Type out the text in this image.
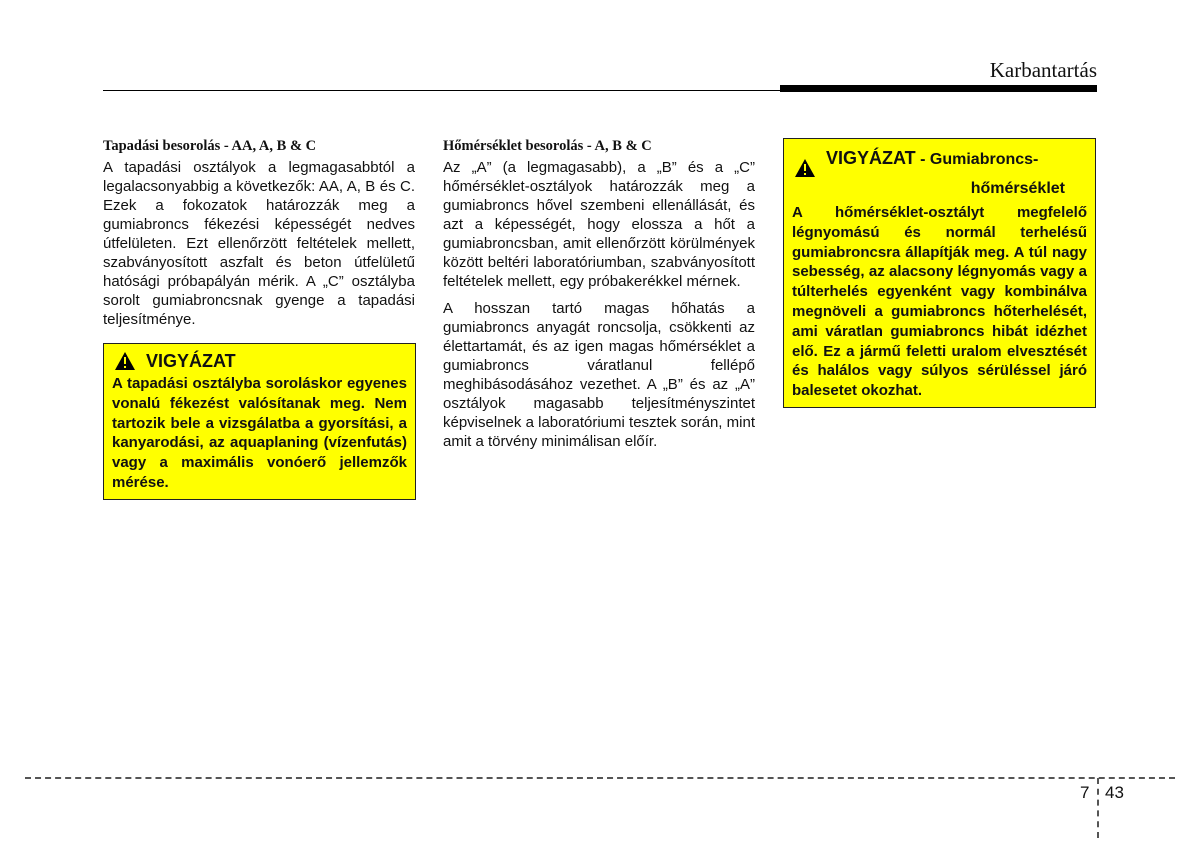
Karbantartás
Tapadási besorolás - AA, A, B & C

A tapadási osztályok a legmagasabbtól a legalacsonyabbig a következők: AA, A, B és C. Ezek a fokozatok határozzák meg a gumiabroncs fékezési képességét nedves útfelületen. Ezt ellenőrzött feltételek mellett, szabványosított aszfalt és beton útfelületű hatósági próbapályán mérik. A „C” osztályba sorolt gumiabroncsnak gyenge a tapadási teljesítménye.

VIGYÁZAT

A tapadási osztályba soroláskor egyenes vonalú fékezést valósítanak meg. Nem tartozik bele a vizsgálatba a gyorsítási, a kanyarodási, az aquaplaning (vízenfutás) vagy a maximális vonóerő jellemzők mérése.

Hőmérséklet besorolás - A, B & C

Az „A” (a legmagasabb), a „B” és a „C” hőmérséklet-osztályok határozzák meg a gumiabroncs hővel szembeni ellenállását, és azt a képességét, hogy elossza a hőt a gumiabroncsban, amit ellenőrzött körülmények között beltéri laboratóriumban, szabványosított feltételek mellett, egy próbakerékkel mérnek.

A hosszan tartó magas hőhatás a gumiabroncs anyagát roncsolja, csökkenti az élettartamát, és az igen magas hőmérséklet a gumiabroncs váratlanul fellépő meghibásodásához vezethet. A „B” és az „A” osztályok magasabb teljesítményszintet képviselnek a laboratóriumi tesztek során, mint amit a törvény minimálisan előír.

VIGYÁZAT - Gumiabroncs-
hőmérséklet

A hőmérséklet-osztályt megfelelő légnyomású és normál terhelésű gumiabroncsra állapítják meg. A túl nagy sebesség, az alacsony légnyomás vagy a túlterhelés egyenként vagy kombinálva megnöveli a gumiabroncs hőterhelését, ami váratlan gumiabroncs hibát idézhet elő. Ez a jármű feletti uralom elvesztését és halálos vagy súlyos sérüléssel járó balesetet okozhat.

7 43
